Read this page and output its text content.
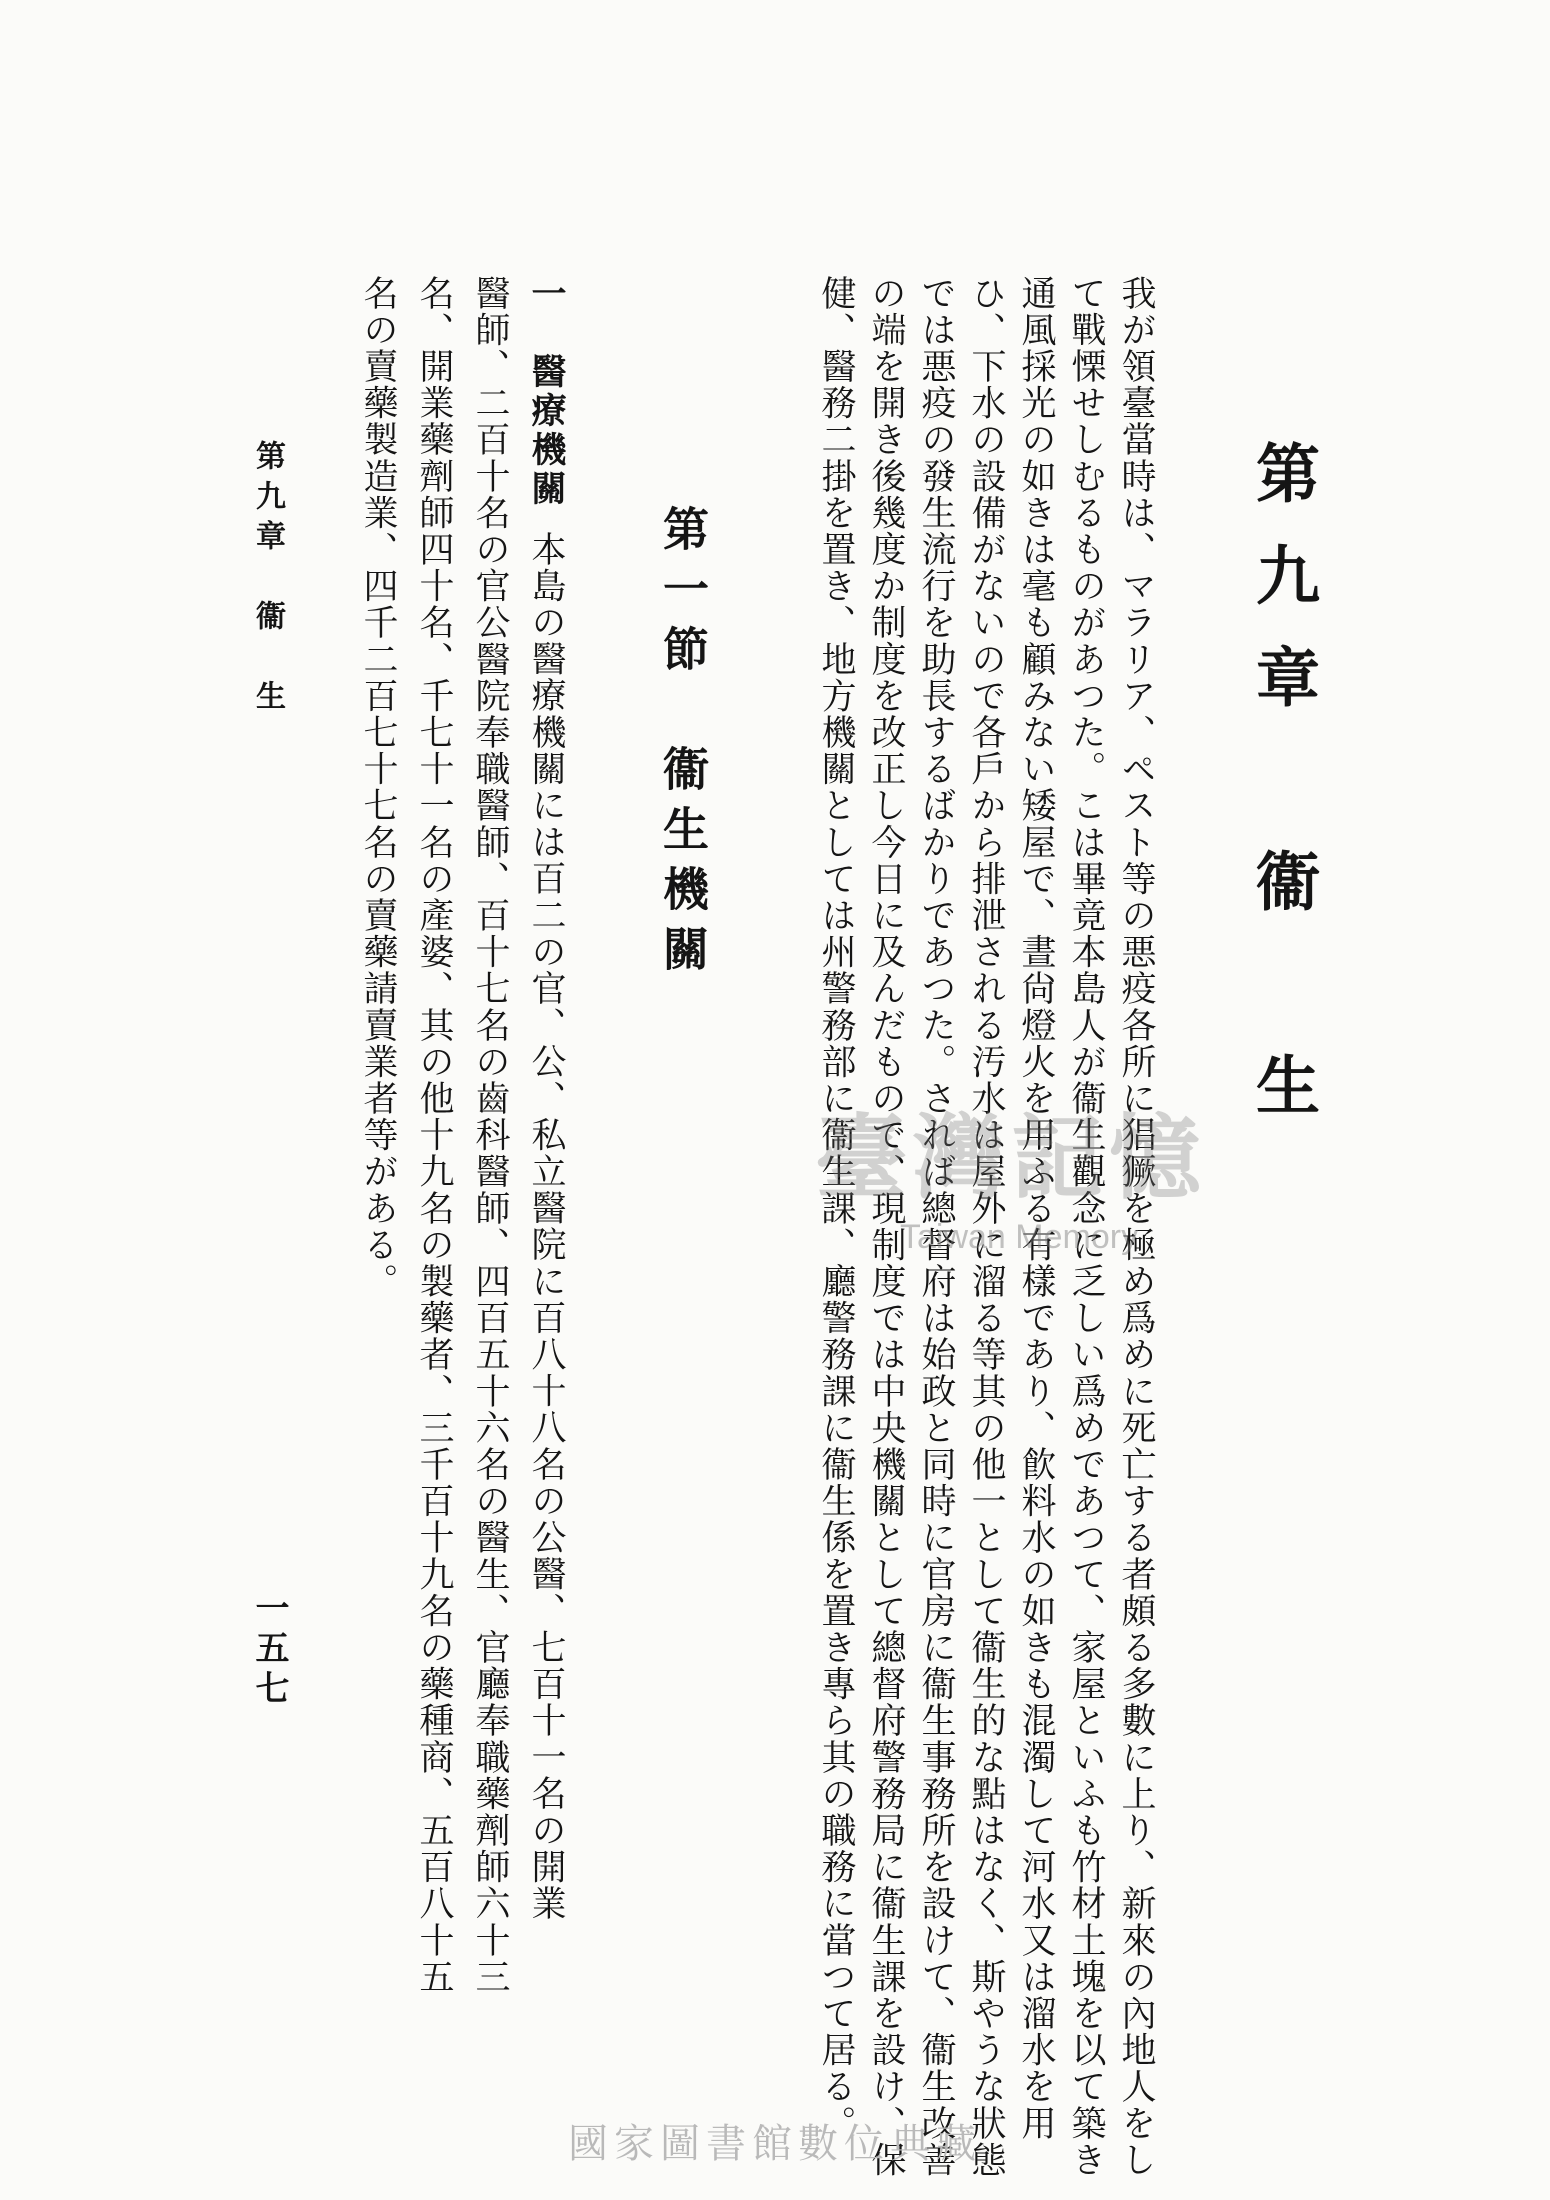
第九章　衞　生
我が領臺當時は、マラリア、ペスト等の悪疫各所に猖獗を極め爲めに死亡する者頗る多數に上り、新來の內地人をし
て戰慄せしむるものがあつた。こは畢竟本島人が衞生觀念に乏しい爲めであつて、家屋といふも竹材土塊を以て築き
通風採光の如きは毫も顧みない矮屋で、晝尙燈火を用ふる有樣であり、飮料水の如きも混濁して河水又は溜水を用
ひ、下水の設備がないので各戶から排泄される汚水は屋外に溜る等其の他一として衞生的な點はなく、斯やうな狀態
では悪疫の發生流行を助長するばかりであつた。されば總督府は始政と同時に官房に衞生事務所を設けて、衞生改善
の端を開き後幾度か制度を改正し今日に及んだもので、現制度では中央機關として總督府警務局に衞生課を設け、保
健、醫務二掛を置き、地方機關としては州警務部に衞生課、廳警務課に衞生係を置き專ら其の職務に當つて居る。
第一節　衞生機關
一　醫療機關本島の醫療機關には百二の官、公、私立醫院に百八十八名の公醫、七百十一名の開業
醫師、二百十名の官公醫院奉職醫師、百十七名の齒科醫師、四百五十六名の醫生、官廳奉職藥劑師六十三
名、開業藥劑師四十名、千七十一名の產婆、其の他十九名の製藥者、三千百十九名の藥種商、五百八十五
名の賣藥製造業、四千二百七十七名の賣藥請賣業者等がある。
第九章　衞　生
一五七
臺灣記憶
Taiwan Memory
國家圖書館數位典藏
